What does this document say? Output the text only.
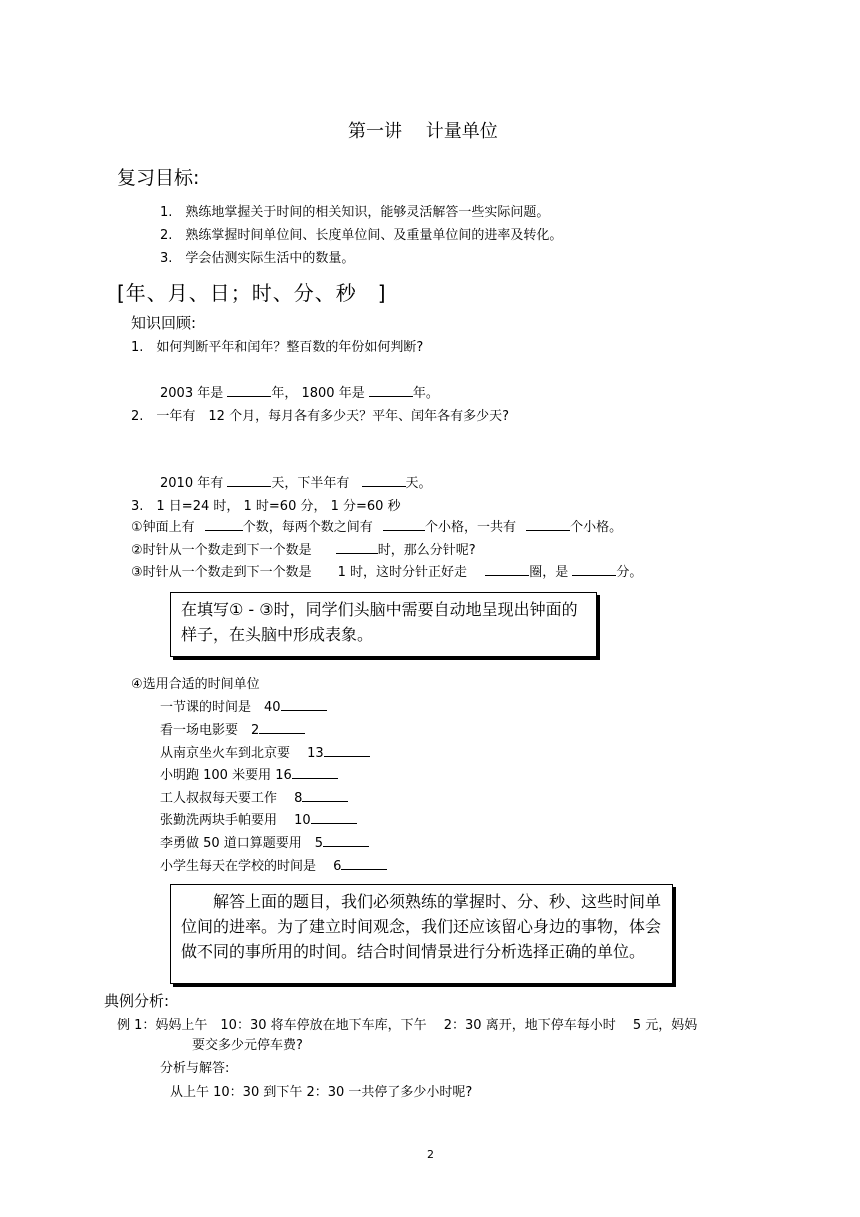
第一讲　 计量单位
复习目标:
1.　熟练地掌握关于时间的相关知识，能够灵活解答一些实际问题。
2.　熟练掌握时间单位间、长度单位间、及重量单位间的进率及转化。
3.　学会估测实际生活中的数量。
[年、月、日；时、分、秒　]
知识回顾:
1.　如何判断平年和闰年？整百数的年份如何判断?
2003 年是	年， 1800 年是	年。
2.　一年有　12 个月，每月各有多少天？平年、闰年各有多少天?
2010 年有	天，下半年有	天。
3.　1 日=24 时， 1 时=60 分， 1 分=60 秒
①钟面上有	个数，每两个数之间有	个小格，一共有	个小格。
②时针从一个数走到下一个数是	时，那么分针呢?
③时针从一个数走到下一个数是　　1 时，这时分针正好走	圈，是	分。
在填写① - ③时，同学们头脑中需要自动地呈现出钟面的样子，在头脑中形成表象。
④选用合适的时间单位
一节课的时间是　40
看一场电影要　2
从南京坐火车到北京要　 13
小明跑 100 米要用 16
工人叔叔每天要工作　 8
张勤洗两块手帕要用　 10
李勇做 50 道口算题要用　5
小学生每天在学校的时间是　 6
解答上面的题目，我们必须熟练的掌握时、分、秒、这些时间单位间的进率。为了建立时间观念，我们还应该留心身边的事物，体会做不同的事所用的时间。结合时间情景进行分析选择正确的单位。
典例分析:
例 1：妈妈上午　10：30 将车停放在地下车库，下午　 2：30 离开，地下停车每小时　 5 元，妈妈
要交多少元停车费?
分析与解答:
从上午 10：30 到下午 2：30 一共停了多少小时呢?
2
